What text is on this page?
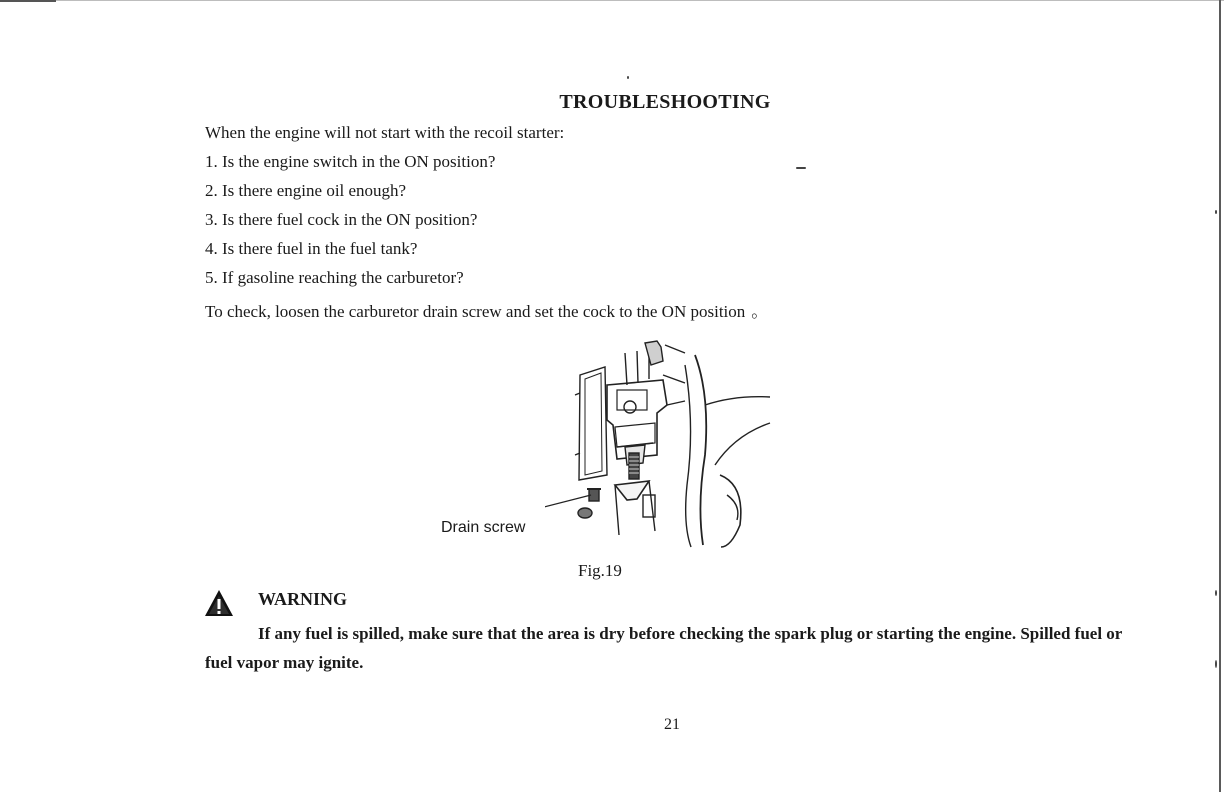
TROUBLESHOOTING
When the engine will not start with the recoil starter:
1. Is the engine switch in the ON position?
2. Is there engine oil enough?
3. Is there fuel cock in the ON position?
4. Is there fuel in the fuel tank?
5. If gasoline reaching the carburetor?
To check, loosen the carburetor drain screw and set the cock to the ON position 。
Drain screw
Fig.19
WARNING
If any fuel is spilled, make sure that the area is dry before checking the spark plug or starting the engine. Spilled fuel or fuel vapor may ignite.
21
